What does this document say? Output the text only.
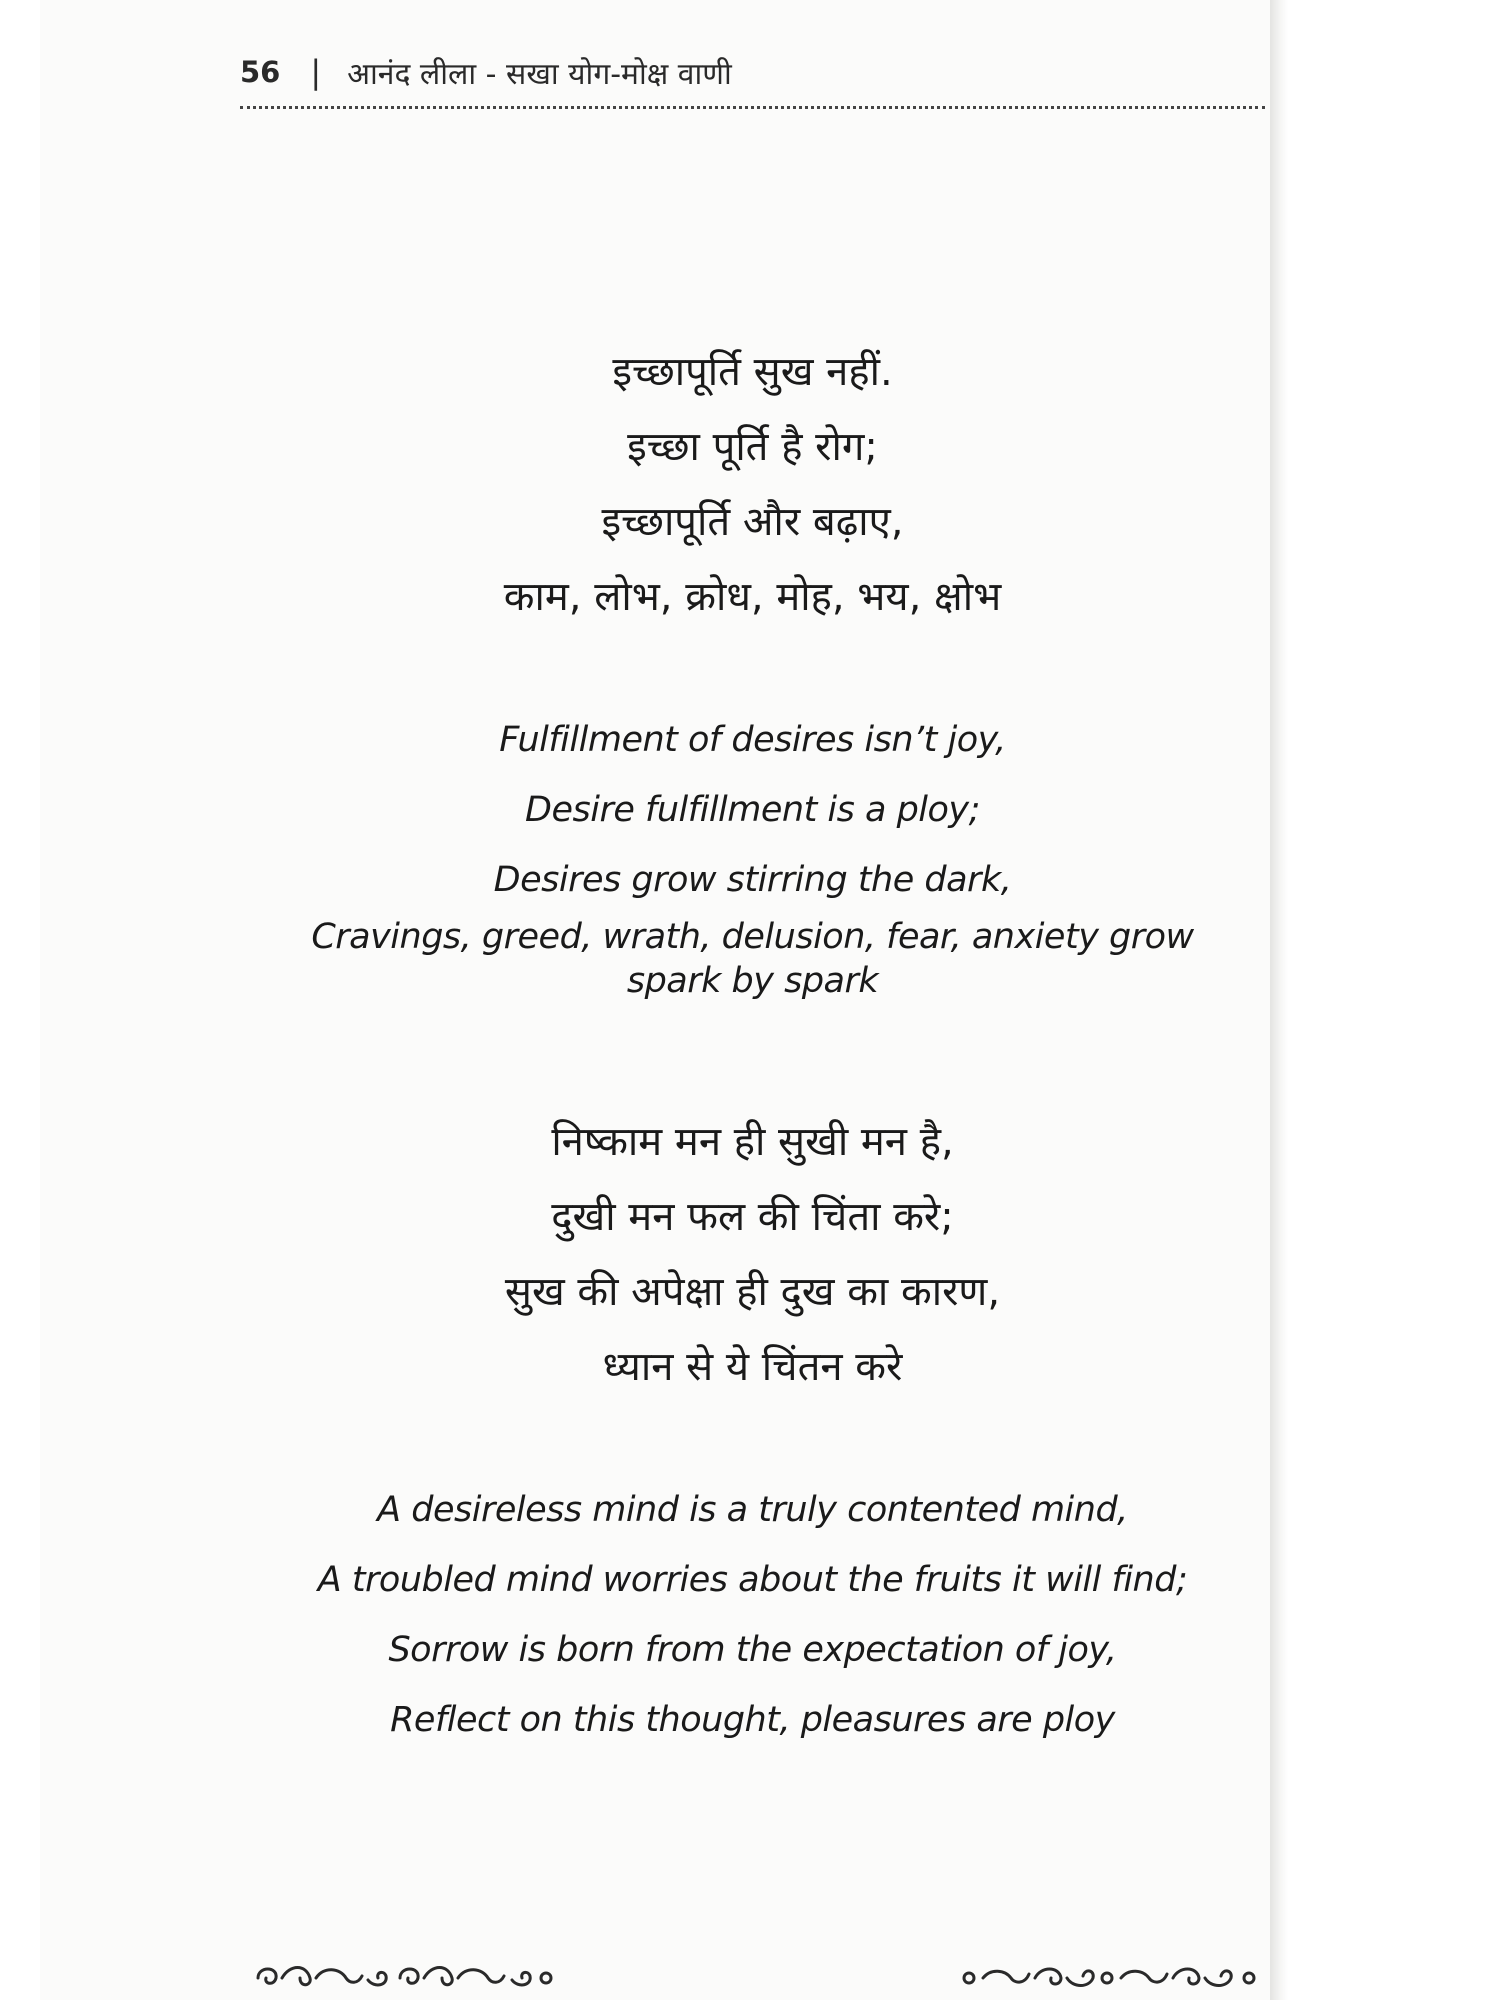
56 | आनंद लीला - सखा योग-मोक्ष वाणी
इच्छापूर्ति सुख नहीं.
इच्छा पूर्ति है रोग;
इच्छापूर्ति और बढ़ाए,
काम, लोभ, क्रोध, मोह, भय, क्षोभ
Fulfillment of desires isn’t joy,
Desire fulfillment is a ploy;
Desires grow stirring the dark,
Cravings, greed, wrath, delusion, fear, anxiety grow
spark by spark
निष्काम मन ही सुखी मन है,
दुखी मन फल की चिंता करे;
सुख की अपेक्षा ही दुख का कारण,
ध्यान से ये चिंतन करे
A desireless mind is a truly contented mind,
A troubled mind worries about the fruits it will find;
Sorrow is born from the expectation of joy,
Reflect on this thought, pleasures are ploy
